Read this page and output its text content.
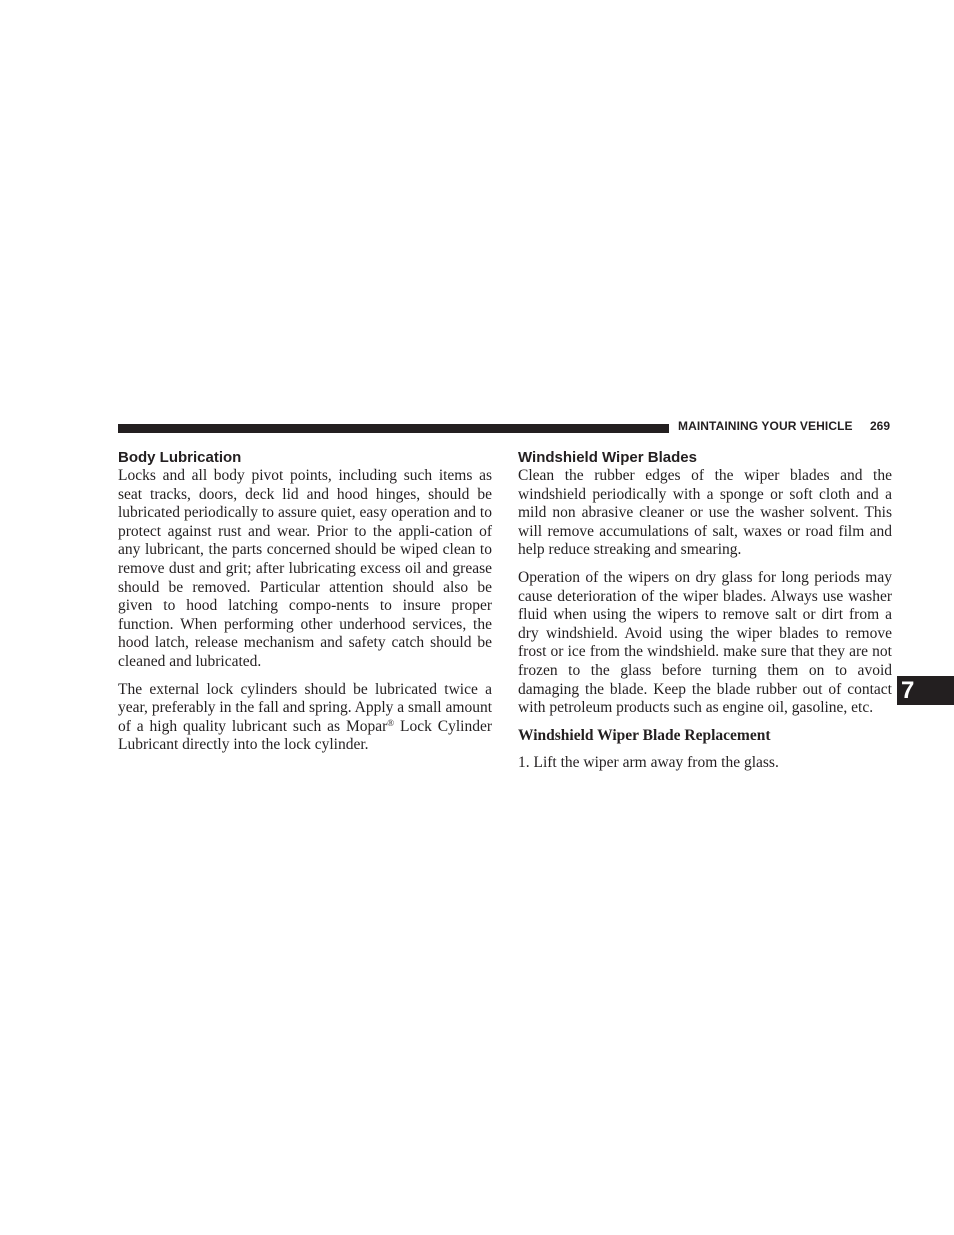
MAINTAINING YOUR VEHICLE 269
Body Lubrication

Locks and all body pivot points, including such items as seat tracks, doors, deck lid and hood hinges, should be lubricated periodically to assure quiet, easy operation and to protect against rust and wear. Prior to the appli-cation of any lubricant, the parts concerned should be wiped clean to remove dust and grit; after lubricating excess oil and grease should be removed. Particular attention should also be given to hood latching compo-nents to insure proper function. When performing other underhood services, the hood latch, release mechanism and safety catch should be cleaned and lubricated.

The external lock cylinders should be lubricated twice a year, preferably in the fall and spring. Apply a small amount of a high quality lubricant such as Mopar® Lock Cylinder Lubricant directly into the lock cylinder.

Windshield Wiper Blades

Clean the rubber edges of the wiper blades and the windshield periodically with a sponge or soft cloth and a mild non abrasive cleaner or use the washer solvent. This will remove accumulations of salt, waxes or road film and help reduce streaking and smearing.

Operation of the wipers on dry glass for long periods may cause deterioration of the wiper blades. Always use washer fluid when using the wipers to remove salt or dirt from a dry windshield. Avoid using the wiper blades to remove frost or ice from the windshield. make sure that they are not frozen to the glass before turning them on to avoid damaging the blade. Keep the blade rubber out of contact with petroleum products such as engine oil, gasoline, etc.

Windshield Wiper Blade Replacement

1. Lift the wiper arm away from the glass.

7
